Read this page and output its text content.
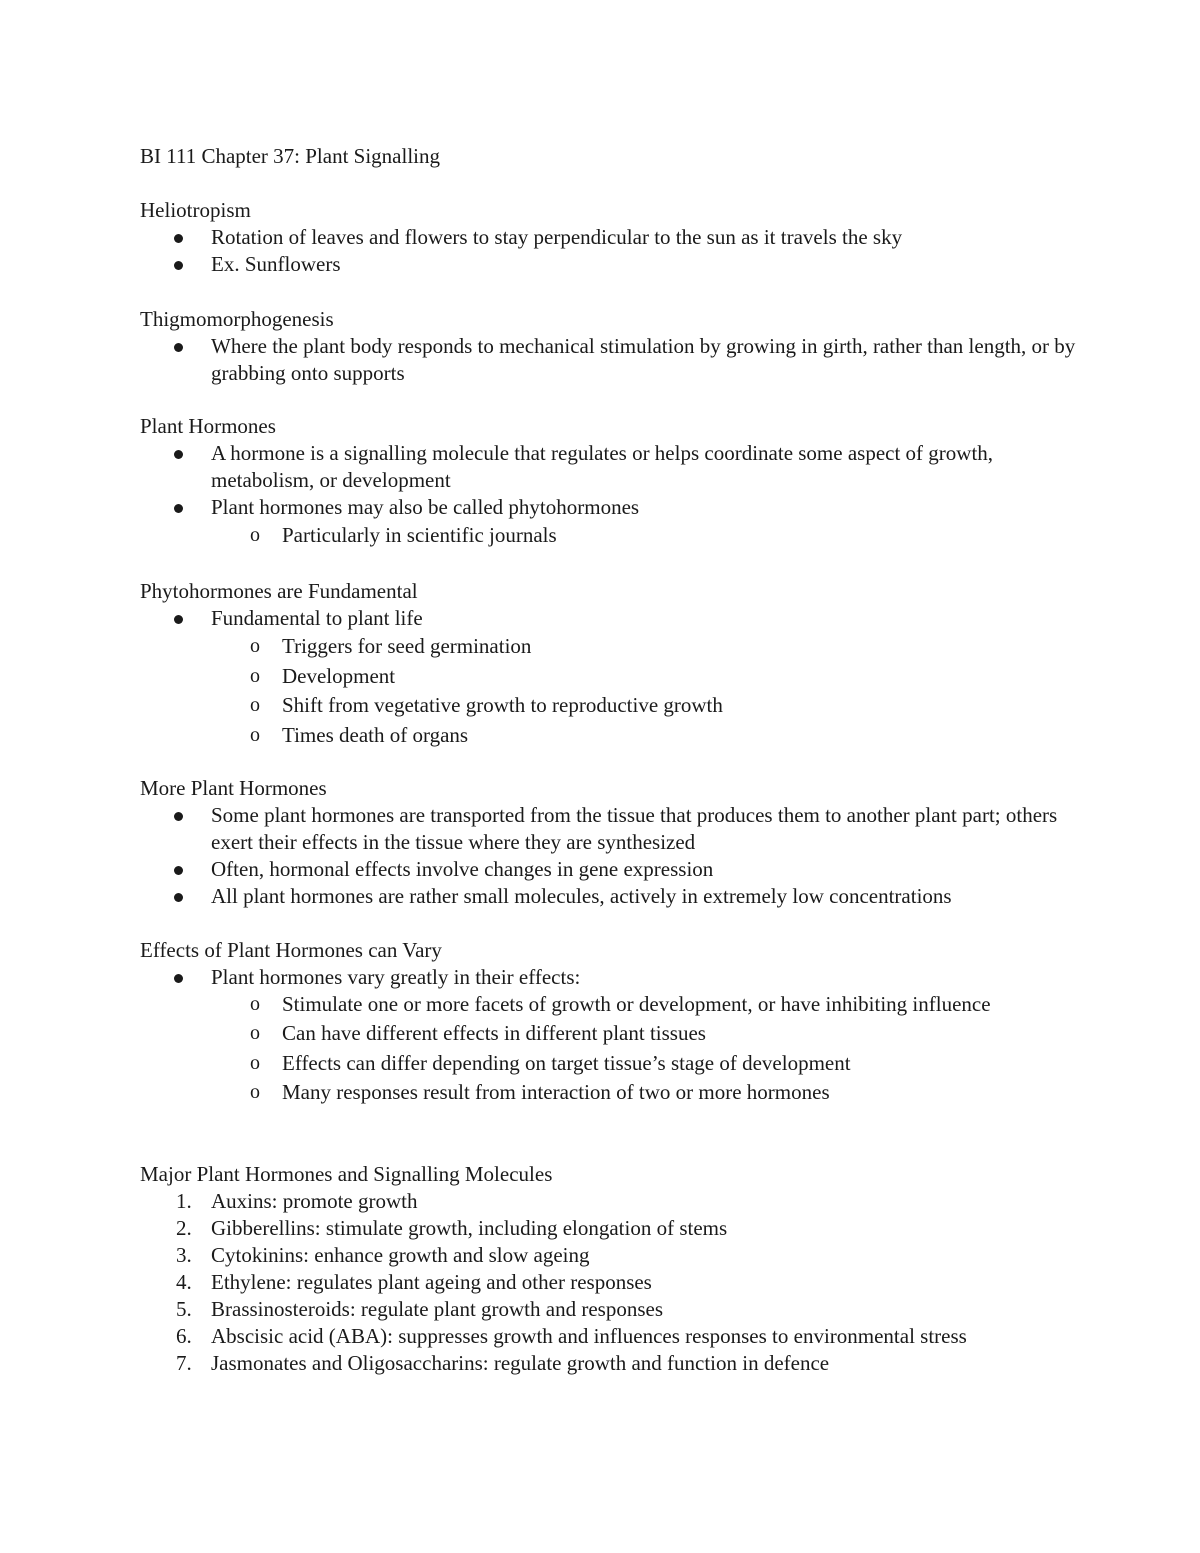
BI 111 Chapter 37: Plant Signalling
Heliotropism
Rotation of leaves and flowers to stay perpendicular to the sun as it travels the sky
Ex. Sunflowers
Thigmomorphogenesis
Where the plant body responds to mechanical stimulation by growing in girth, rather than length, or by grabbing onto supports
Plant Hormones
A hormone is a signalling molecule that regulates or helps coordinate some aspect of growth, metabolism, or development
Plant hormones may also be called phytohormones
o Particularly in scientific journals
Phytohormones are Fundamental
Fundamental to plant life
o Triggers for seed germination
o Development
o Shift from vegetative growth to reproductive growth
o Times death of organs
More Plant Hormones
Some plant hormones are transported from the tissue that produces them to another plant part; others exert their effects in the tissue where they are synthesized
Often, hormonal effects involve changes in gene expression
All plant hormones are rather small molecules, actively in extremely low concentrations
Effects of Plant Hormones can Vary
Plant hormones vary greatly in their effects:
o Stimulate one or more facets of growth or development, or have inhibiting influence
o Can have different effects in different plant tissues
o Effects can differ depending on target tissue’s stage of development
o Many responses result from interaction of two or more hormones
Major Plant Hormones and Signalling Molecules
1. Auxins: promote growth
2. Gibberellins: stimulate growth, including elongation of stems
3. Cytokinins: enhance growth and slow ageing
4. Ethylene: regulates plant ageing and other responses
5. Brassinosteroids: regulate plant growth and responses
6. Abscisic acid (ABA): suppresses growth and influences responses to environmental stress
7. Jasmonates and Oligosaccharins: regulate growth and function in defence
